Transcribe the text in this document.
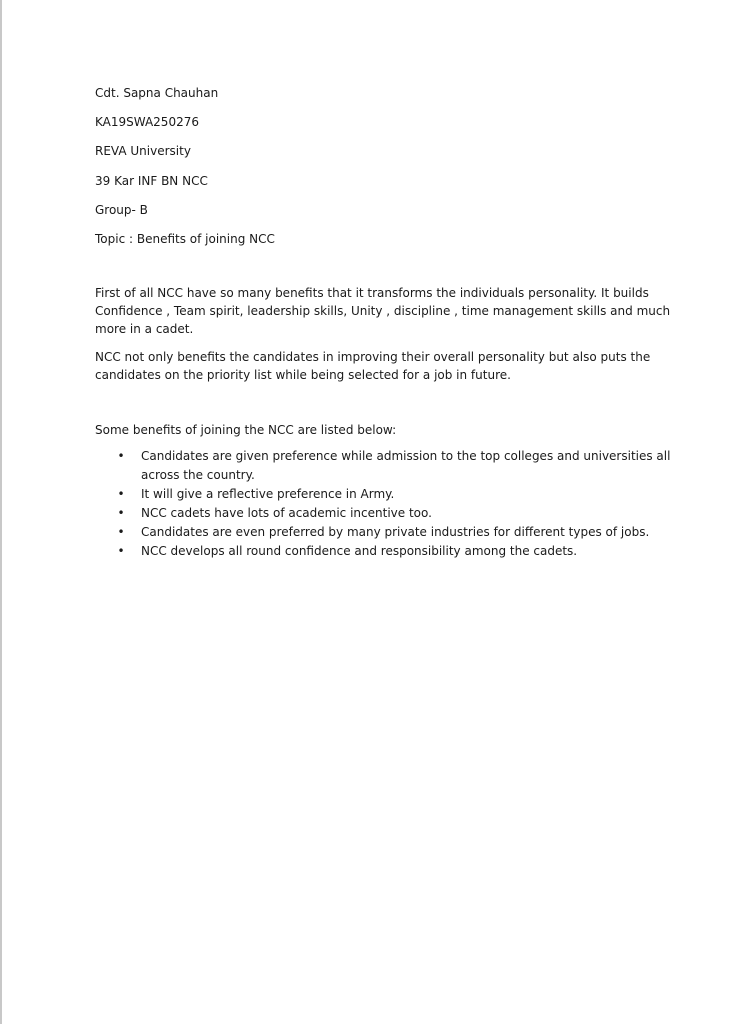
Cdt. Sapna Chauhan
KA19SWA250276
REVA University
39 Kar INF BN NCC
Group- B
Topic : Benefits of joining NCC

First of all NCC have so many benefits that it transforms the individuals personality. It builds Confidence , Team spirit, leadership skills, Unity , discipline , time management skills and much more in a cadet.

NCC not only benefits the candidates in improving their overall personality but also puts the candidates on the priority list while being selected for a job in future.

Some benefits of joining the NCC are listed below:

• Candidates are given preference while admission to the top colleges and universities all across the country.
• It will give a reflective preference in Army.
• NCC cadets have lots of academic incentive too.
• Candidates are even preferred by many private industries for different types of jobs.
• NCC develops all round confidence and responsibility among the cadets.
